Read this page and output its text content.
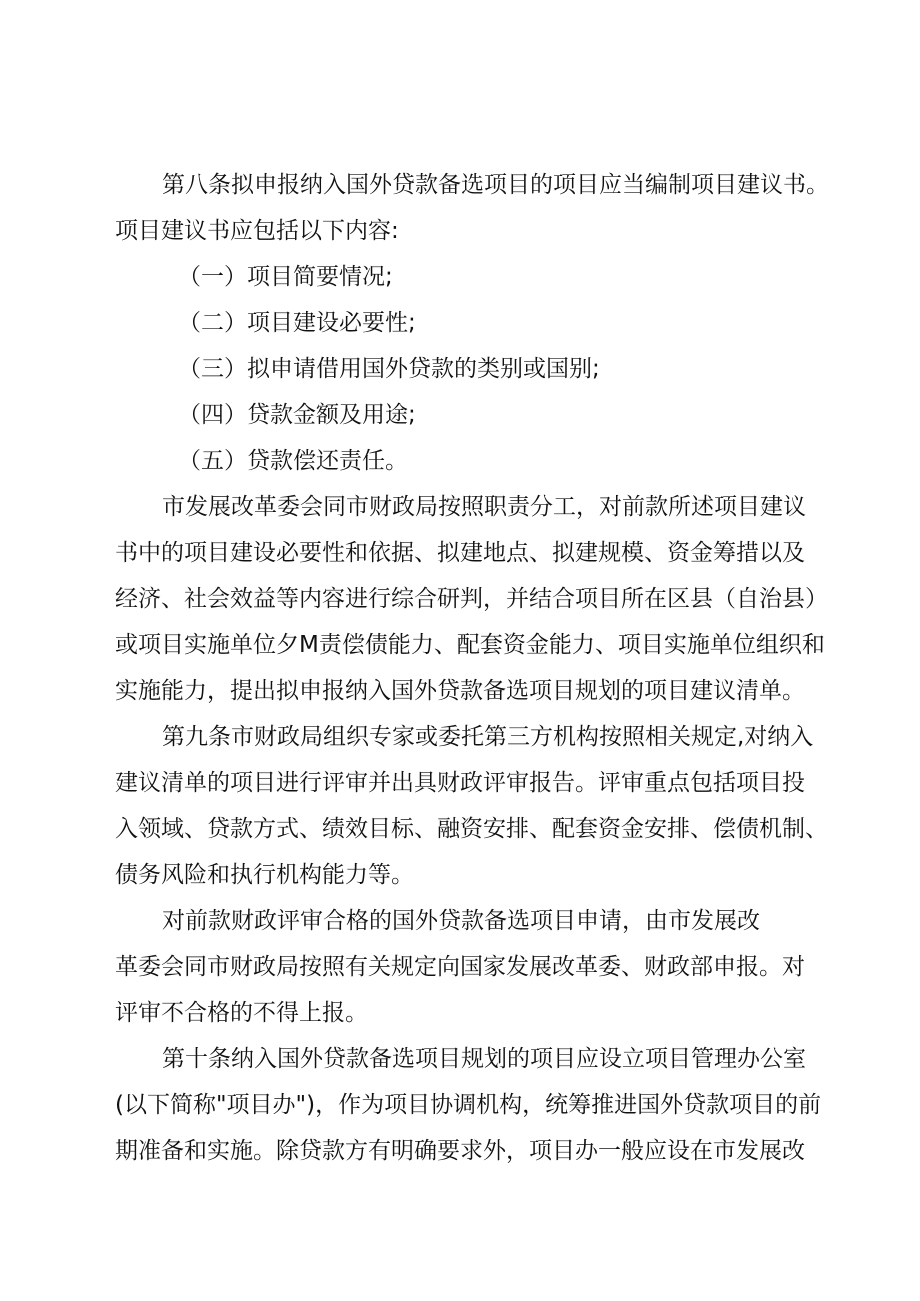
第八条拟申报纳入国外贷款备选项目的项目应当编制项目建议书。
项目建议书应包括以下内容:
（一）项目简要情况;
（二）项目建设必要性;
（三）拟申请借用国外贷款的类别或国别;
（四）贷款金额及用途;
（五）贷款偿还责任。
市发展改革委会同市财政局按照职责分工，对前款所述项目建议
书中的项目建设必要性和依据、拟建地点、拟建规模、资金筹措以及
经济、社会效益等内容进行综合研判，并结合项目所在区县（自治县）
或项目实施单位夕M责偿债能力、配套资金能力、项目实施单位组织和
实施能力，提出拟申报纳入国外贷款备选项目规划的项目建议清单。
第九条市财政局组织专家或委托第三方机构按照相关规定,对纳入
建议清单的项目进行评审并出具财政评审报告。评审重点包括项目投
入领域、贷款方式、绩效目标、融资安排、配套资金安排、偿债机制、
债务风险和执行机构能力等。
对前款财政评审合格的国外贷款备选项目申请，由市发展改
革委会同市财政局按照有关规定向国家发展改革委、财政部申报。对
评审不合格的不得上报。
第十条纳入国外贷款备选项目规划的项目应设立项目管理办公室
(以下简称"项目办")，作为项目协调机构，统筹推进国外贷款项目的前
期准备和实施。除贷款方有明确要求外，项目办一般应设在市发展改
